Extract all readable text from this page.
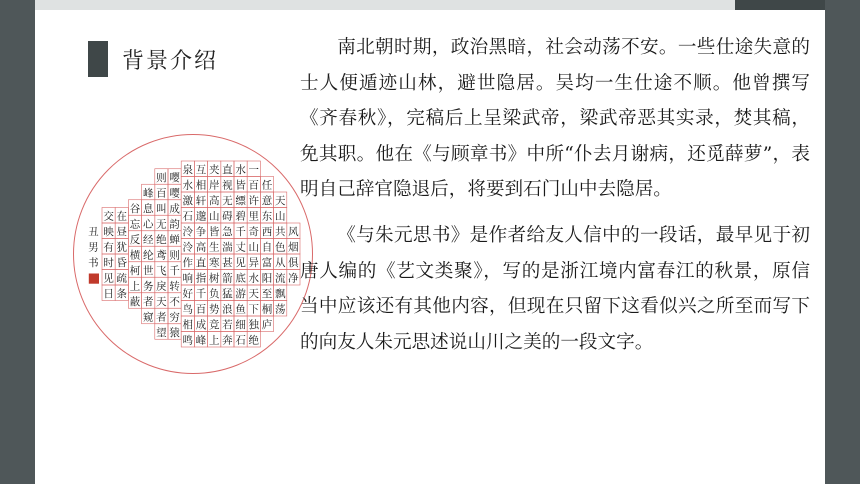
背景介绍
风
烟
俱
净
天
山
共
色
从
流
飘
荡
任
意
东
西
自
富
阳
至
桐
庐
一
百
许
里
奇
山
异
水
天
下
独
绝
水
皆
缥
碧
千
丈
见
底
游
鱼
细
石
直
视
无
碍
急
湍
甚
箭
猛
浪
若
奔
夹
岸
高
山
皆
生
寒
树
负
势
竞
上
互
相
轩
邈
争
高
直
指
千
百
成
峰
泉
水
激
石
泠
泠
作
响
好
鸟
相
鸣
嘤
嘤
成
韵
蝉
则
千
转
不
穷
猿
则
百
叫
无
绝
鸢
飞
戾
天
者
望
峰
息
心
经
纶
世
务
者
窥
谷
忘
反
横
柯
上
蔽
在
昼
犹
昏
疏
条
交
映
有
时
见
日
丑
男
书

南北朝时期，政治黑暗，社会动荡不安。一些仕途失意的士人便遁迹山林，避世隐居。吴均一生仕途不顺。他曾撰写《齐春秋》，完稿后上呈梁武帝，梁武帝恶其实录，焚其稿，免其职。他在《与顾章书》中所“仆去月谢病，还觅薛萝”，表明自己辞官隐退后，将要到石门山中去隐居。

《与朱元思书》是作者给友人信中的一段话，最早见于初唐人编的《艺文类聚》，写的是浙江境内富春江的秋景，原信当中应该还有其他内容，但现在只留下这看似兴之所至而写下的向友人朱元思述说山川之美的一段文字。
